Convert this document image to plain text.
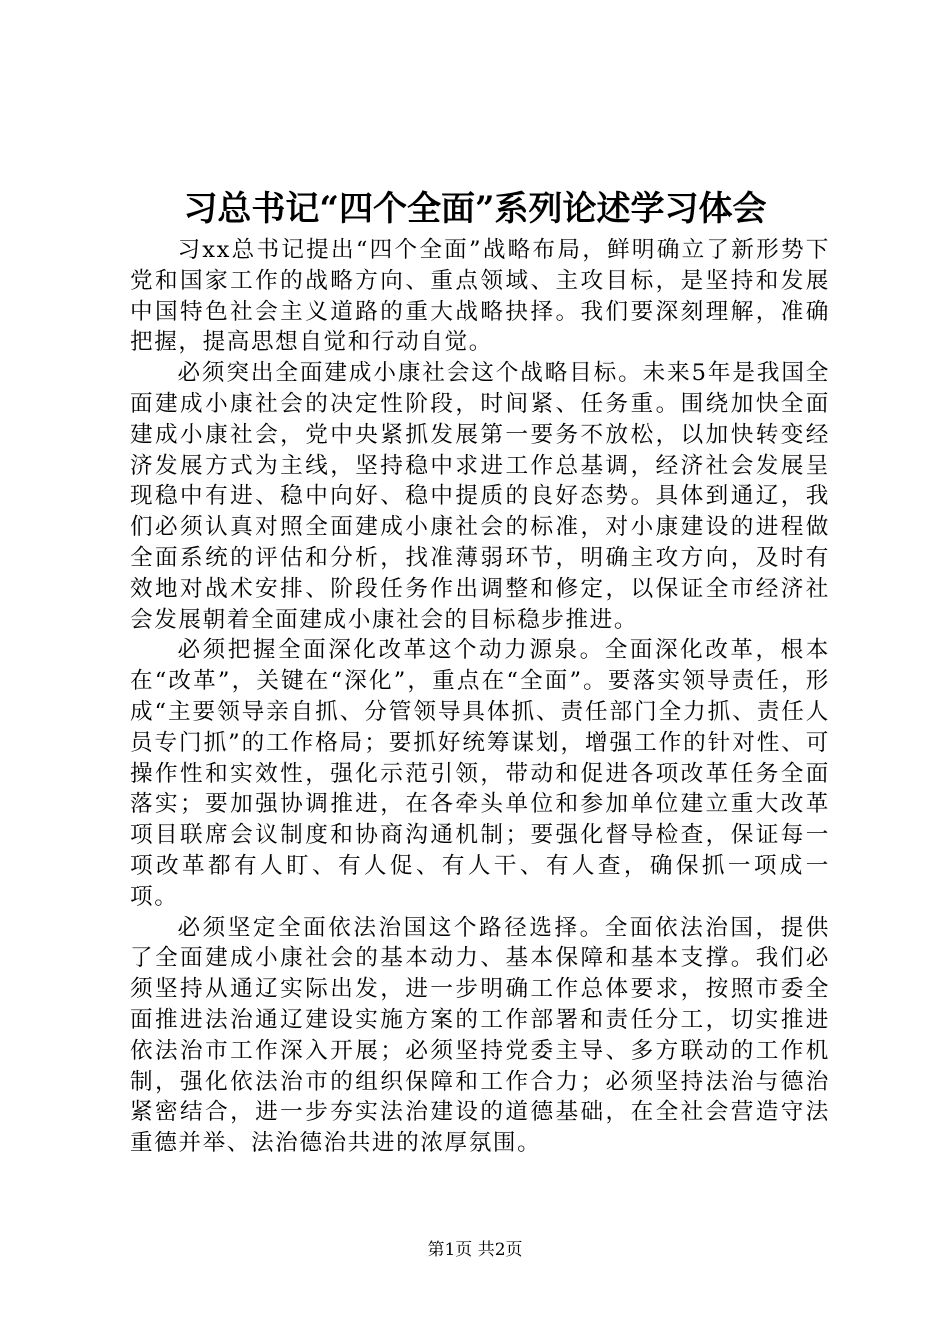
习总书记“四个全面”系列论述学习体会

习xx总书记提出“四个全面”战略布局，鲜明确立了新形势下党和国家工作的战略方向、重点领域、主攻目标，是坚持和发展中国特色社会主义道路的重大战略抉择。我们要深刻理解，准确把握，提高思想自觉和行动自觉。

必须突出全面建成小康社会这个战略目标。未来5年是我国全面建成小康社会的决定性阶段，时间紧、任务重。围绕加快全面建成小康社会，党中央紧抓发展第一要务不放松，以加快转变经济发展方式为主线，坚持稳中求进工作总基调，经济社会发展呈现稳中有进、稳中向好、稳中提质的良好态势。具体到通辽，我们必须认真对照全面建成小康社会的标准，对小康建设的进程做全面系统的评估和分析，找准薄弱环节，明确主攻方向，及时有效地对战术安排、阶段任务作出调整和修定，以保证全市经济社会发展朝着全面建成小康社会的目标稳步推进。

必须把握全面深化改革这个动力源泉。全面深化改革，根本在“改革”，关键在“深化”，重点在“全面”。要落实领导责任，形成“主要领导亲自抓、分管领导具体抓、责任部门全力抓、责任人员专门抓”的工作格局；要抓好统筹谋划，增强工作的针对性、可操作性和实效性，强化示范引领，带动和促进各项改革任务全面落实；要加强协调推进，在各牵头单位和参加单位建立重大改革项目联席会议制度和协商沟通机制；要强化督导检查，保证每一项改革都有人盯、有人促、有人干、有人查，确保抓一项成一项。

必须坚定全面依法治国这个路径选择。全面依法治国，提供了全面建成小康社会的基本动力、基本保障和基本支撑。我们必须坚持从通辽实际出发，进一步明确工作总体要求，按照市委全面推进法治通辽建设实施方案的工作部署和责任分工，切实推进依法治市工作深入开展；必须坚持党委主导、多方联动的工作机制，强化依法治市的组织保障和工作合力；必须坚持法治与德治紧密结合，进一步夯实法治建设的道德基础，在全社会营造守法重德并举、法治德治共进的浓厚氛围。

第1页 共2页
